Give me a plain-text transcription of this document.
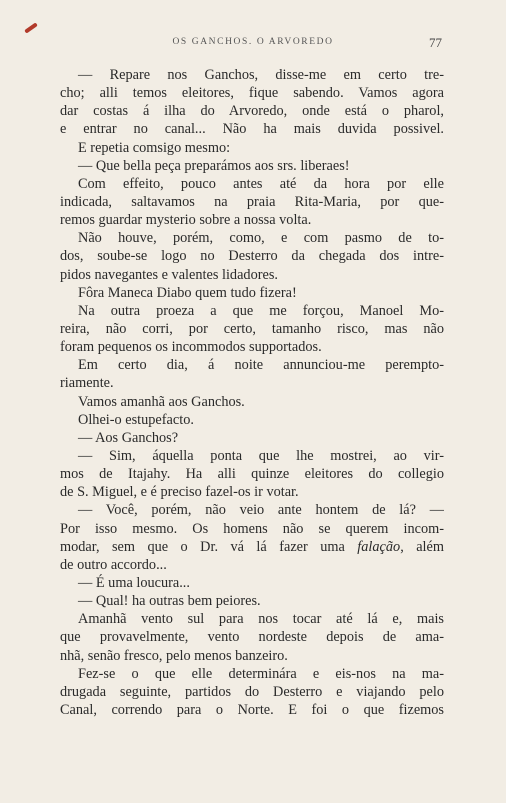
OS GANCHOS. O ARVOREDO	77
— Repare nos Ganchos, disse-me em certo tre-
cho; alli temos eleitores, fique sabendo. Vamos agora
dar costas á ilha do Arvoredo, onde está o pharol,
e entrar no canal... Não ha mais duvida possivel.
E repetia comsigo mesmo:
— Que bella peça preparámos aos srs. liberaes!
Com effeito, pouco antes até da hora por elle
indicada, saltavamos na praia Rita-Maria, por que-
remos guardar mysterio sobre a nossa volta.
Não houve, porém, como, e com pasmo de to-
dos, soube-se logo no Desterro da chegada dos intre-
pidos navegantes e valentes lidadores.
Fôra Maneca Diabo quem tudo fizera!
Na outra proeza a que me forçou, Manoel Mo-
reira, não corri, por certo, tamanho risco, mas não
foram pequenos os incommodos supportados.
Em certo dia, á noite annunciou-me perempto-
riamente.
Vamos amanhã aos Ganchos.
Olhei-o estupefacto.
— Aos Ganchos?
— Sim, áquella ponta que lhe mostrei, ao vir-
mos de Itajahy. Ha alli quinze eleitores do collegio
de S. Miguel, e é preciso fazel-os ir votar.
— Você, porém, não veio ante hontem de lá? —
Por isso mesmo. Os homens não se querem incom-
modar, sem que o Dr. vá lá fazer uma falação, além
de outro accordo...
— É uma loucura...
— Qual! ha outras bem peiores.
Amanhã vento sul para nos tocar até lá e, mais
que provavelmente, vento nordeste depois de ama-
nhã, senão fresco, pelo menos banzeiro.
Fez-se o que elle determinára e eis-nos na ma-
drugada seguinte, partidos do Desterro e viajando pelo
Canal, correndo para o Norte. E foi o que fizemos
